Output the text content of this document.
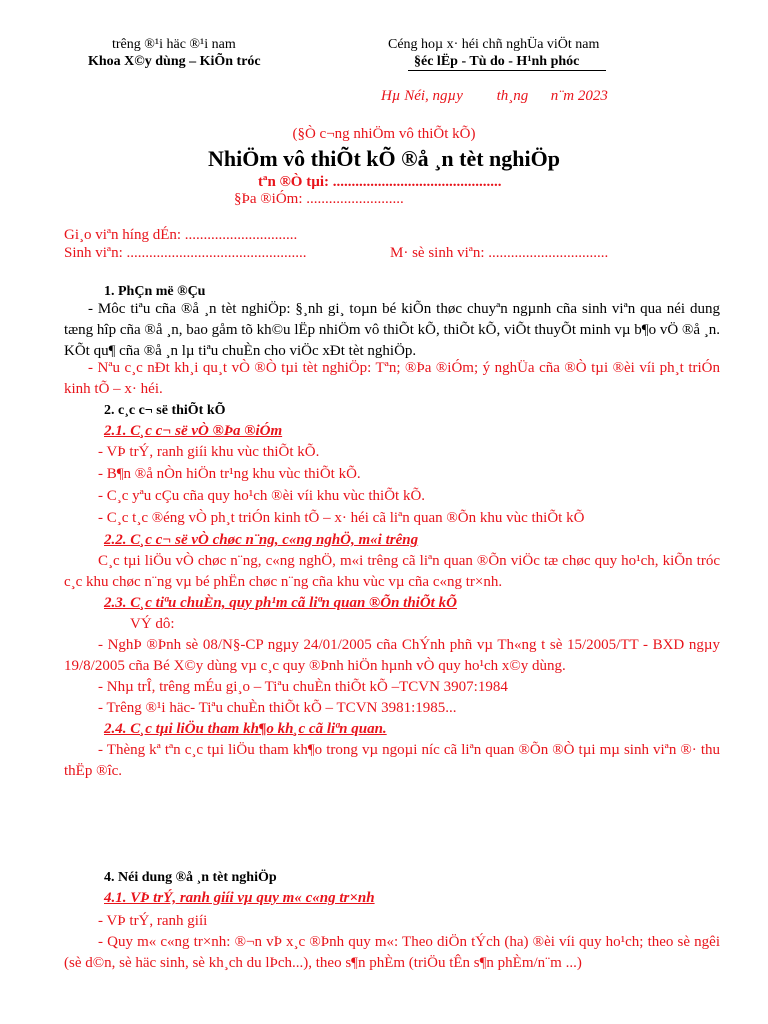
trêng ®¹i häc ®¹i nam
Khoa X©y dùng – KiÕn tróc
Céng hoµ x· héi chñ nghÜa viÖt nam
§éc lËp - Tù do - H¹nh phóc
Hµ Néi, ngµy         th¸ng      n¨m 2023
(§Ò c¬ng nhiÖm vô thiÕt kÕ)
NhiÖm vô thiÕt kÕ ®å ¸n tèt nghiÖp
tªn ®Ò tµi: .............................................
§Þa ®iÓm: ..........................
Gi¸o viªn híng dÉn: ..............................
Sinh viªn: ................................................	M· sè sinh viªn: ................................
1. PhÇn më ®Çu
- Môc tiªu cña ®å ¸n tèt nghiÖp: §¸nh gi¸ toµn bé kiÕn thøc chuyªn ngµnh cña sinh viªn qua néi dung tæng hîp cña ®å ¸n, bao gåm tõ kh©u lËp nhiÖm vô thiÕt kÕ, thiÕt kÕ, viÕt thuyÕt minh vµ b¶o vÖ ®å ¸n. KÕt qu¶ cña ®å ¸n lµ tiªu chuÈn cho viÖc xÐt tèt nghiÖp.
- Nªu c¸c nÐt kh¸i qu¸t vÒ ®Ò tµi tèt nghiÖp: Tªn; ®Þa ®iÓm; ý nghÜa cña ®Ò tµi ®èi víi ph¸t triÓn kinh tÕ – x· héi.
2. c¸c c¬ së thiÕt kÕ
2.1. C¸c c¬ së vÒ ®Þa ®iÓm
- VÞ trÝ, ranh giíi khu vùc thiÕt kÕ.
- B¶n ®å nÒn hiÖn tr¹ng khu vùc thiÕt kÕ.
- C¸c yªu cÇu cña quy ho¹ch ®èi víi khu vùc thiÕt kÕ.
- C¸c t¸c ®éng vÒ ph¸t triÓn kinh tÕ – x· héi cã liªn quan ®Õn khu vùc thiÕt kÕ
2.2. C¸c c¬ së vÒ chøc n¨ng, c«ng nghÖ, m«i trêng
C¸c tµi liÖu vÒ chøc n¨ng, c«ng nghÖ, m«i trêng cã liªn quan ®Õn viÖc tæ chøc quy ho¹ch, kiÕn tróc c¸c khu chøc n¨ng vµ bé phËn chøc n¨ng cña khu vùc vµ cña c«ng tr×nh.
2.3. C¸c tiªu chuÈn, quy ph¹m cã liªn quan ®Õn thiÕt kÕ
VÝ dô:
- NghÞ ®Þnh sè 08/N§-CP ngµy 24/01/2005 cña ChÝnh phñ vµ Th«ng t sè 15/2005/TT - BXD ngµy 19/8/2005 cña Bé X©y dùng vµ c¸c quy ®Þnh hiÖn hµnh vÒ quy ho¹ch x©y dùng.
- Nhµ trÎ, trêng mÉu gi¸o – Tiªu chuÈn thiÕt kÕ –TCVN 3907:1984
- Trêng ®¹i häc- Tiªu chuÈn thiÕt kÕ – TCVN 3981:1985...
2.4. C¸c tµi liÖu tham kh¶o kh¸c cã liªn quan.
- Thèng kª tªn c¸c tµi liÖu tham kh¶o trong vµ ngoµi níc cã liªn quan ®Õn ®Ò tµi mµ sinh viªn ®· thu thËp ®îc.
4. Néi dung ®å ¸n tèt nghiÖp
4.1. VÞ trÝ, ranh giíi vµ quy m« c«ng tr×nh
- VÞ trÝ, ranh giíi
- Quy m« c«ng tr×nh: ®¬n vÞ x¸c ®Þnh quy m«: Theo diÖn tÝch (ha) ®èi víi quy ho¹ch; theo sè ngêi (sè d©n, sè häc sinh, sè kh¸ch du lÞch...), theo s¶n phÈm (triÖu tÊn s¶n phÈm/n¨m ...)
